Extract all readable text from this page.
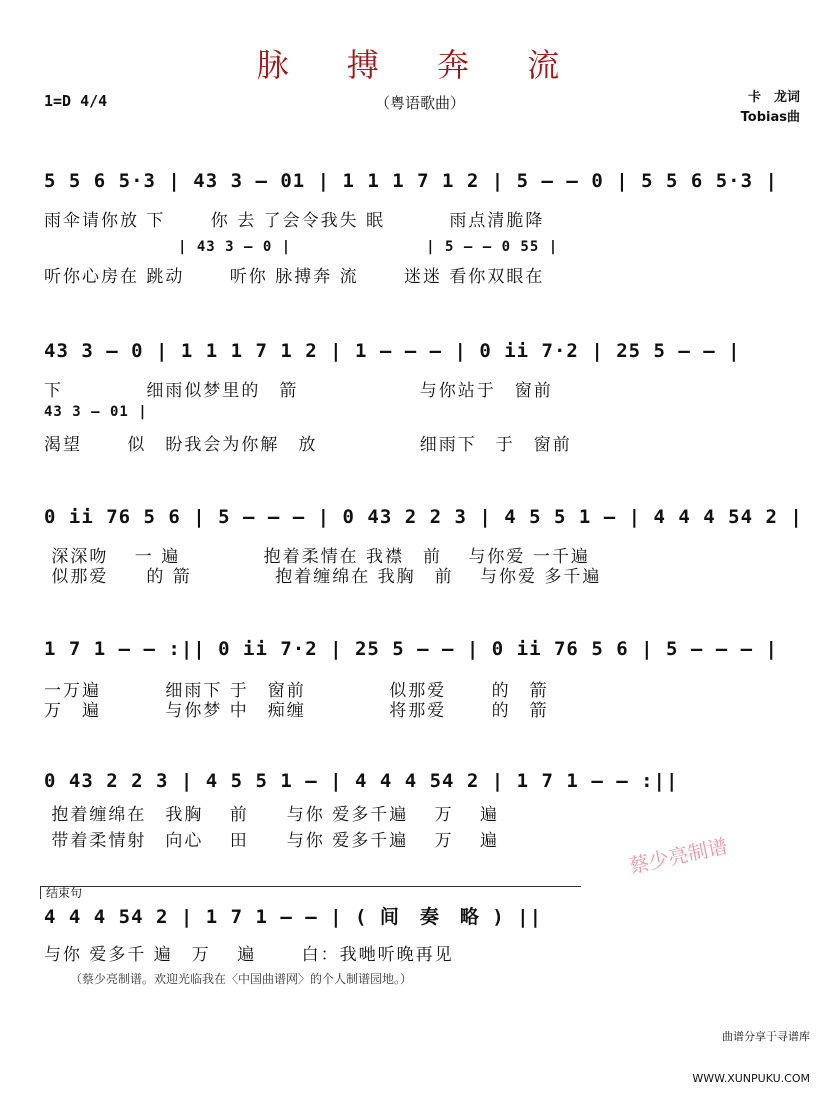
脉 搏 奔 流
1=D 4/4	（粤语歌曲）	卡　龙词
Tobias曲
5 5 6 5·3 | 43 3 — 01 | 1 1 1 7 1 2 | 5 — — 0 | 5 5 6 5·3 |
雨伞请你放 下　　 你 去 了会令我失 眠　　　 雨点清脆降
| 43 3 — 0 |　　　　　　　　　| 5 — — 0 55 |
听你心房在 跳动　　 听你 脉搏奔 流　　 迷迷 看你双眼在
43 3 — 0 | 1 1 1 7 1 2 | 1 — — — | 0 ii 7·2 | 25 5 — — |
下　　　　 细雨似梦里的　箭　　　　　　 与你站于　窗前
43 3 — 01 |
渴望　　 似　盼我会为你解　放　　　　　 细雨下　于　窗前
0 ii 76 5 6 | 5 — — — | 0 43 2 2 3 | 4 5 5 1 — | 4 4 4 54 2 |
深深吻　 一 遍　　　　 抱着柔情在 我襟　前　 与你爱 一千遍
似那爱　　的 箭　　　　 抱着缠绵在 我胸　前　 与你爱 多千遍
1 7 1 — — :|| 0 ii 7·2 | 25 5 — — | 0 ii 76 5 6 | 5 — — — |
一万遍　　　 细雨下 于　窗前　　　　 似那爱　　 的　箭
万　遍　　　 与你梦 中　痴缠　　　　 将那爱　　 的　箭
0 43 2 2 3 | 4 5 5 1 — | 4 4 4 54 2 | 1 7 1 — — :||
抱着缠绵在　我胸　 前　　与你 爱多千遍　 万　 遍
带着柔情射　向心　 田　　与你 爱多千遍　 万　 遍
4 4 4 54 2 | 1 7 1 — — | ( 间　奏　略 ) ||
与你 爱多千 遍　万　 遍　　 白：我哋听晚再见
结束句
蔡少亮制谱
（蔡少亮制谱。欢迎光临我在〈中国曲谱网〉的个人制谱园地。）

曲谱分享于寻谱库

WWW.XUNPUKU.COM
